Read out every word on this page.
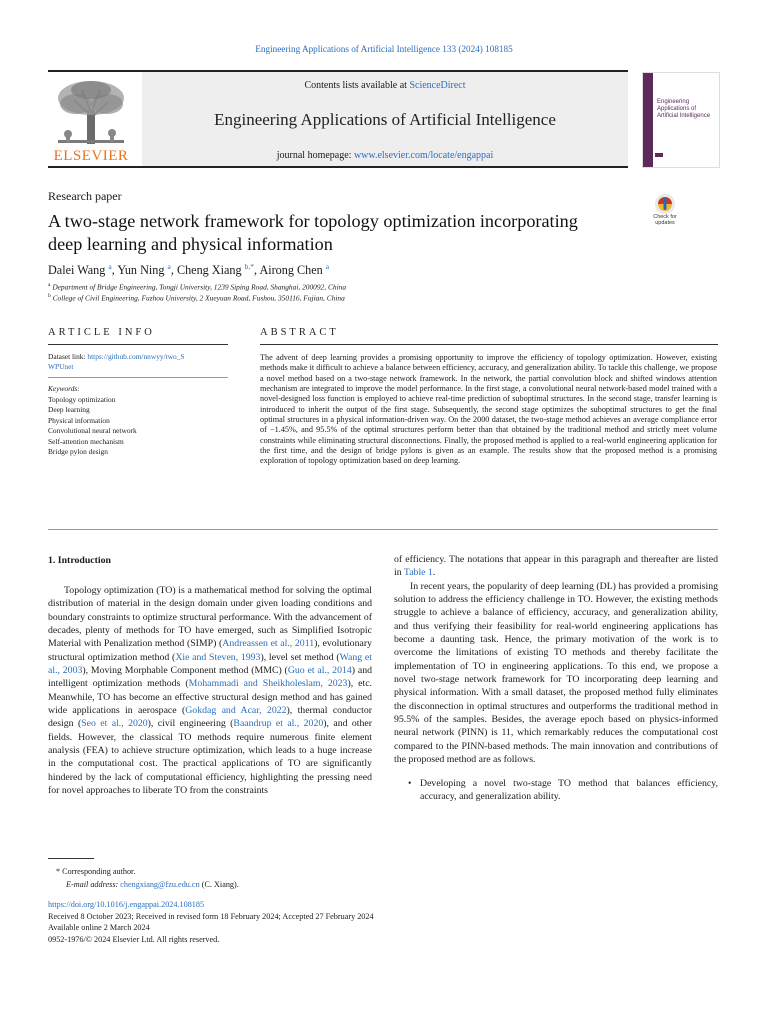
Engineering Applications of Artificial Intelligence 133 (2024) 108185
Contents lists available at ScienceDirect
Engineering Applications of Artificial Intelligence
journal homepage: www.elsevier.com/locate/engappai
ELSEVIER
Engineering Applications of Artificial Intelligence
Research paper
A two-stage network framework for topology optimization incorporating deep learning and physical information
Check for updates
Dalei Wang $^a$, Yun Ning $^a$, Cheng Xiang $^{b,*}$, Airong Chen $^a$
$^a$ Department of Bridge Engineering, Tongji University, 1239 Siping Road, Shanghai, 200092, China
$^b$ College of Civil Engineering, Fuzhou University, 2 Xueyuan Road, Fushou, 350116, Fujian, China
ARTICLE INFO	ABSTRACT
Dataset link: https://github.com/nnwyy/two_S
WPUnet
Keywords:
Topology optimization
Deep learning
Physical information
Convolutional neural network
Self-attention mechanism
Bridge pylon design
The advent of deep learning provides a promising opportunity to improve the efficiency of topology optimization. However, existing methods make it difficult to achieve a balance between efficiency, accuracy, and generalization ability. To tackle this challenge, we propose a novel method based on a two-stage network framework. In the network, the partial convolution block and shifted windows attention mechanism are integrated to improve the model performance. In the first stage, a convolutional neural network-based model trained with a novel-designed loss function is employed to achieve real-time prediction of suboptimal structures. In the second stage, transfer learning is introduced to inherit the output of the first stage. Subsequently, the second stage optimizes the suboptimal structures to get the final optimal structures in a physical information-driven way. On the 2000 dataset, the two-stage method achieves an average compliance error of −1.45%, and 95.5% of the optimal structures perform better than that obtained by the traditional method and strictly meet volume constraints while eliminating structural disconnections. Finally, the proposed method is applied to a real-world engineering application for the first time, and the design of bridge pylons is given as an example. The results show that the proposed method is a promising exploration of topology optimization based on deep learning.
1. Introduction

Topology optimization (TO) is a mathematical method for solving the optimal distribution of material in the design domain under given loading conditions and boundary constraints to optimize structural performance. With the advancement of decades, plenty of methods for TO have emerged, such as Simplified Isotropic Material with Penalization method (SIMP) (Andreassen et al., 2011), evolutionary structural optimization method (Xie and Steven, 1993), level set method (Wang et al., 2003), Moving Morphable Component method (MMC) (Guo et al., 2014) and intelligent optimization methods (Mohammadi and Sheikholeslam, 2023), etc. Meanwhile, TO has become an effective structural design method and has gained wide applications in aerospace (Gokdag and Acar, 2022), thermal conductor design (Seo et al., 2020), civil engineering (Baandrup et al., 2020), and other fields. However, the classical TO methods require numerous finite element analysis (FEA) to achieve structure optimization, which leads to a huge increase in the computational cost. The practical applications of TO are significantly hindered by the lack of computational efficiency, highlighting the pressing need for novel approaches to liberate TO from the constraints

of efficiency. The notations that appear in this paragraph and thereafter are listed in Table 1.

In recent years, the popularity of deep learning (DL) has provided a promising solution to address the efficiency challenge in TO. However, the existing methods struggle to achieve a balance of efficiency, accuracy, and generalization ability, and thus verifying their feasibility for real-world engineering applications has become a daunting task. Hence, the primary motivation of the work is to overcome the limitations of existing TO methods and thereby facilitate the implementation of TO in engineering applications. To this end, we propose a novel two-stage network framework for TO incorporating deep learning and physical information. With a small dataset, the proposed method fully eliminates the disconnection in optimal structures and outperforms the traditional method in 95.5% of the samples. Besides, the average epoch based on physics-informed neural network (PINN) is 11, which remarkably reduces the computational cost compared to the PINN-based methods. The main innovation and contributions of the proposed method are as follows.

• Developing a novel two-stage TO method that balances efficiency, accuracy, and generalization ability.
* Corresponding author.
E-mail address: chengxiang@fzu.edu.cn (C. Xiang).
https://doi.org/10.1016/j.engappai.2024.108185
Received 8 October 2023; Received in revised form 18 February 2024; Accepted 27 February 2024
Available online 2 March 2024
0952-1976/© 2024 Elsevier Ltd. All rights reserved.
